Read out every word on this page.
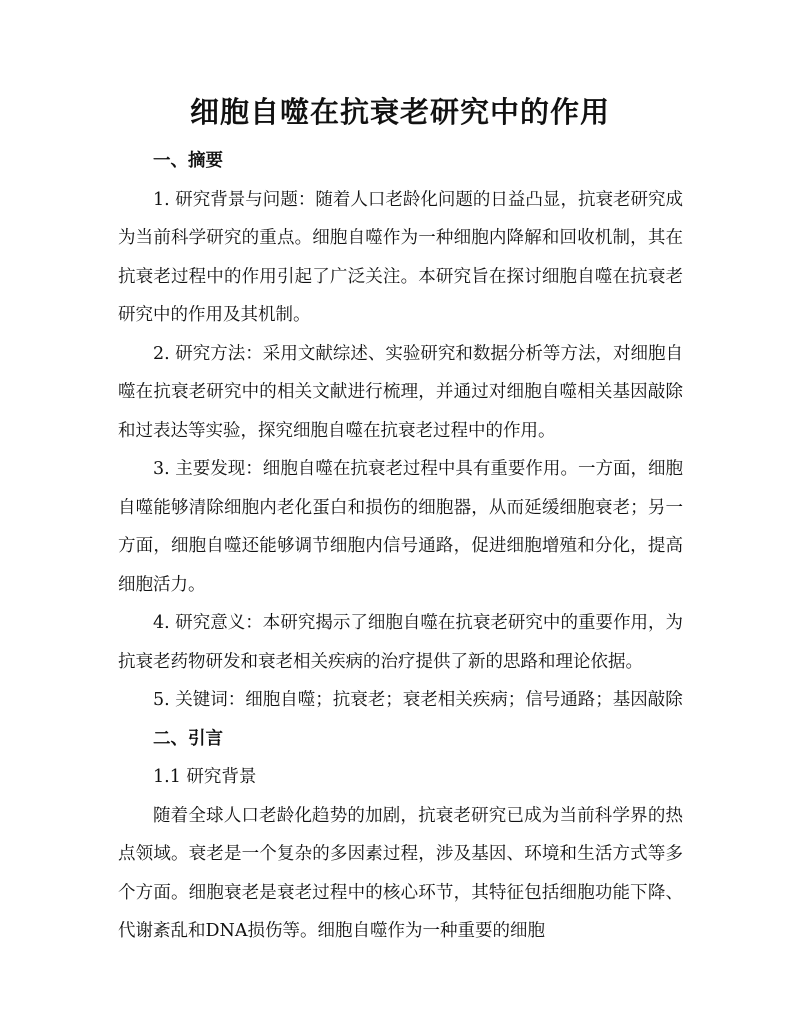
细胞自噬在抗衰老研究中的作用
一、摘要

1. 研究背景与问题：随着人口老龄化问题的日益凸显，抗衰老研究成为当前科学研究的重点。细胞自噬作为一种细胞内降解和回收机制，其在抗衰老过程中的作用引起了广泛关注。本研究旨在探讨细胞自噬在抗衰老研究中的作用及其机制。

2. 研究方法：采用文献综述、实验研究和数据分析等方法，对细胞自噬在抗衰老研究中的相关文献进行梳理，并通过对细胞自噬相关基因敲除和过表达等实验，探究细胞自噬在抗衰老过程中的作用。

3. 主要发现：细胞自噬在抗衰老过程中具有重要作用。一方面，细胞自噬能够清除细胞内老化蛋白和损伤的细胞器，从而延缓细胞衰老；另一方面，细胞自噬还能够调节细胞内信号通路，促进细胞增殖和分化，提高细胞活力。

4. 研究意义：本研究揭示了细胞自噬在抗衰老研究中的重要作用，为抗衰老药物研发和衰老相关疾病的治疗提供了新的思路和理论依据。

5. 关键词：细胞自噬；抗衰老；衰老相关疾病；信号通路；基因敲除

二、引言
1.1 研究背景

随着全球人口老龄化趋势的加剧，抗衰老研究已成为当前科学界的热点领域。衰老是一个复杂的多因素过程，涉及基因、环境和生活方式等多个方面。细胞衰老是衰老过程中的核心环节，其特征包括细胞功能下降、代谢紊乱和DNA损伤等。细胞自噬作为一种重要的细胞
